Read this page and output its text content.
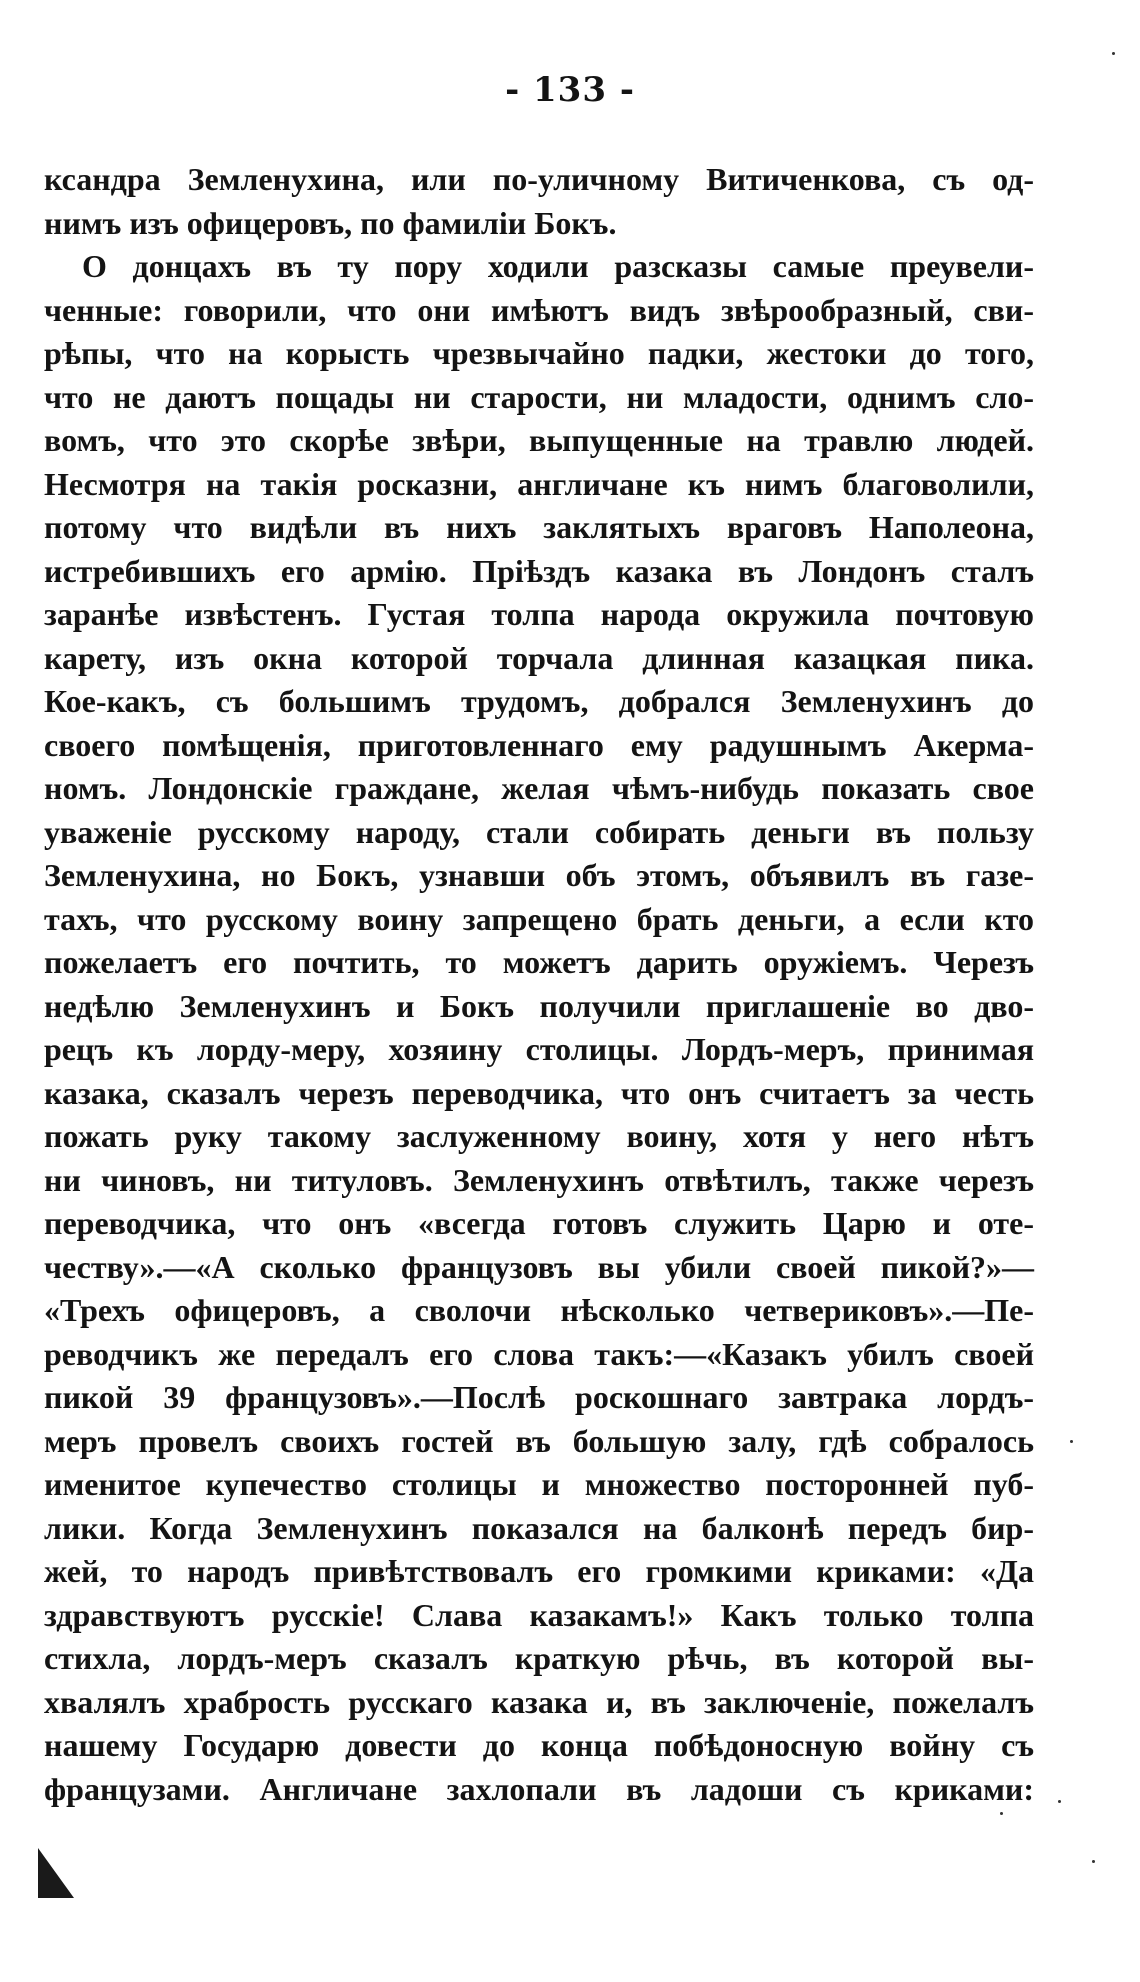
- 133 -
ксандра Земленухина, или по-уличному Витиченкова, съ од-
нимъ изъ офицеровъ, по фамилiи Бокъ.
О донцахъ въ ту пору ходили разсказы самые преувели-
ченные: говорили, что они имѣютъ видъ звѣрообразный, сви-
рѣпы, что на корысть чрезвычайно падки, жестоки до того,
что не даютъ пощады ни старости, ни младости, однимъ сло-
вомъ, что это скорѣе звѣри, выпущенные на травлю людей.
Несмотря на такiя росказни, англичане къ нимъ благоволили,
потому что видѣли въ нихъ заклятыхъ враговъ Наполеона,
истребившихъ его армiю. Прiѣздъ казака въ Лондонъ сталъ
заранѣе извѣстенъ. Густая толпа народа окружила почтовую
карету, изъ окна которой торчала длинная казацкая пика.
Кое-какъ, съ большимъ трудомъ, добрался Земленухинъ до
своего помѣщенiя, приготовленнаго ему радушнымъ Акерма-
номъ. Лондонскiе граждане, желая чѣмъ-нибудь показать свое
уваженiе русскому народу, стали собирать деньги въ пользу
Земленухина, но Бокъ, узнавши объ этомъ, объявилъ въ газе-
тахъ, что русскому воину запрещено брать деньги, а если кто
пожелаетъ его почтить, то можетъ дарить оружiемъ. Черезъ
недѣлю Земленухинъ и Бокъ получили приглашенiе во дво-
рецъ къ лорду-меру, хозяину столицы. Лордъ-меръ, принимая
казака, сказалъ черезъ переводчика, что онъ считаетъ за честь
пожать руку такому заслуженному воину, хотя у него нѣтъ
ни чиновъ, ни титуловъ. Земленухинъ отвѣтилъ, также черезъ
переводчика, что онъ «всегда готовъ служить Царю и оте-
честву».—«А сколько французовъ вы убили своей пикой?»—
«Трехъ офицеровъ, а сволочи нѣсколько четвериковъ».—Пе-
реводчикъ же передалъ его слова такъ:—«Казакъ убилъ своей
пикой 39 французовъ».—Послѣ роскошнаго завтрака лордъ-
меръ провелъ своихъ гостей въ большую залу, гдѣ собралось
именитое купечество столицы и множество посторонней пуб-
лики. Когда Земленухинъ показался на балконѣ передъ бир-
жей, то народъ привѣтствовалъ его громкими криками: «Да
здравствуютъ русскiе! Слава казакамъ!» Какъ только толпа
стихла, лордъ-меръ сказалъ краткую рѣчь, въ которой вы-
хвалялъ храбрость русскаго казака и, въ заключенiе, пожелалъ
нашему Государю довести до конца побѣдоносную войну съ
французами. Англичане захлопали въ ладоши съ криками:
